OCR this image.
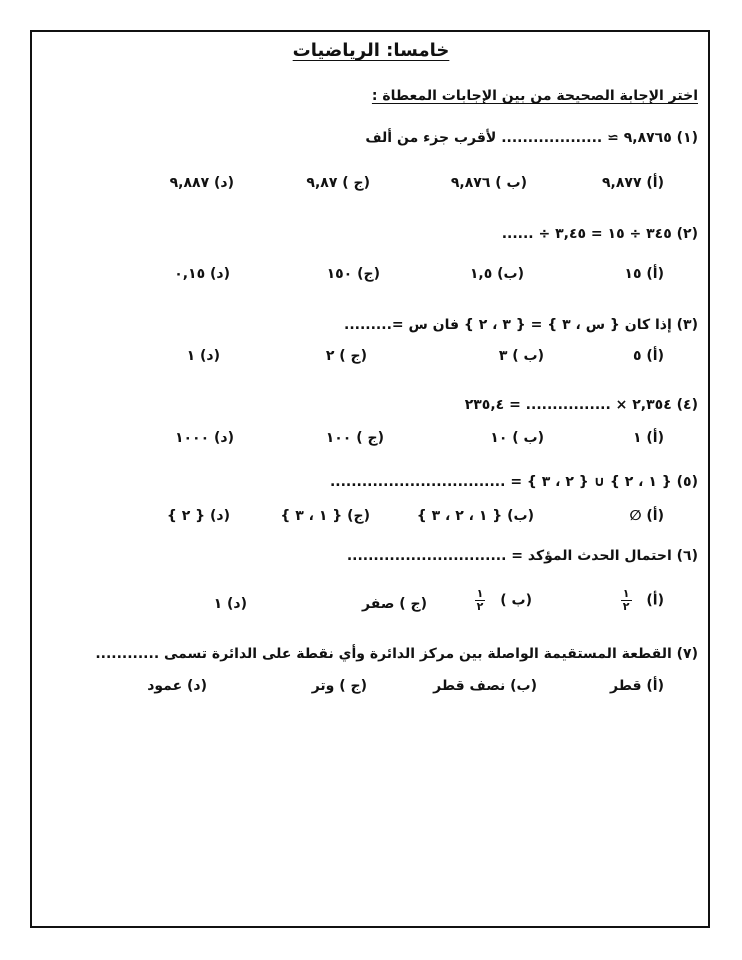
خامسا: الرياضيات
اختر الإجابة الصحيحة من بين الإجابات المعطاة :
(١) ٩,٨٧٦٥ ≃ ................... لأقرب جزء من ألف
(أ) ٩,٨٧٧
(ب ) ٩,٨٧٦
(ج ) ٩,٨٧
(د) ٩,٨٨٧
(٢) ٣٤٥ ÷ ١٥ = ٣,٤٥ ÷ ......
(أ) ١٥
(ب) ١,٥
(ج) ١٥٠
(د) ٠,١٥
(٣) إذا كان { س ، ٣ } = { ٣ ، ٢ } فان س =.........
(أ) ٥
(ب ) ٣
(ج ) ٢
(د) ١
(٤) ٢,٣٥٤ × ................ = ٢٣٥,٤
(أ) ١
(ب ) ١٠
(ج ) ١٠٠
(د) ١٠٠٠
(٥) { ١ ، ٢ } ∪ { ٢ ، ٣ } = .................................
(أ) ∅
(ب) { ١ ، ٢ ، ٣ }
(ج) { ١ ، ٣ }
(د) { ٢ }
(٦) احتمال الحدث المؤكد = ..............................
(أ)
$\frac{١}{٢}$
(ب )
$\frac{١}{٢}$
(ج ) صفر
(د) ١
(٧) القطعة المستقيمة الواصلة بين مركز الدائرة وأي نقطة على الدائرة تسمى ............
(أ) قطر
(ب) نصف قطر
(ج ) وتر
(د) عمود
